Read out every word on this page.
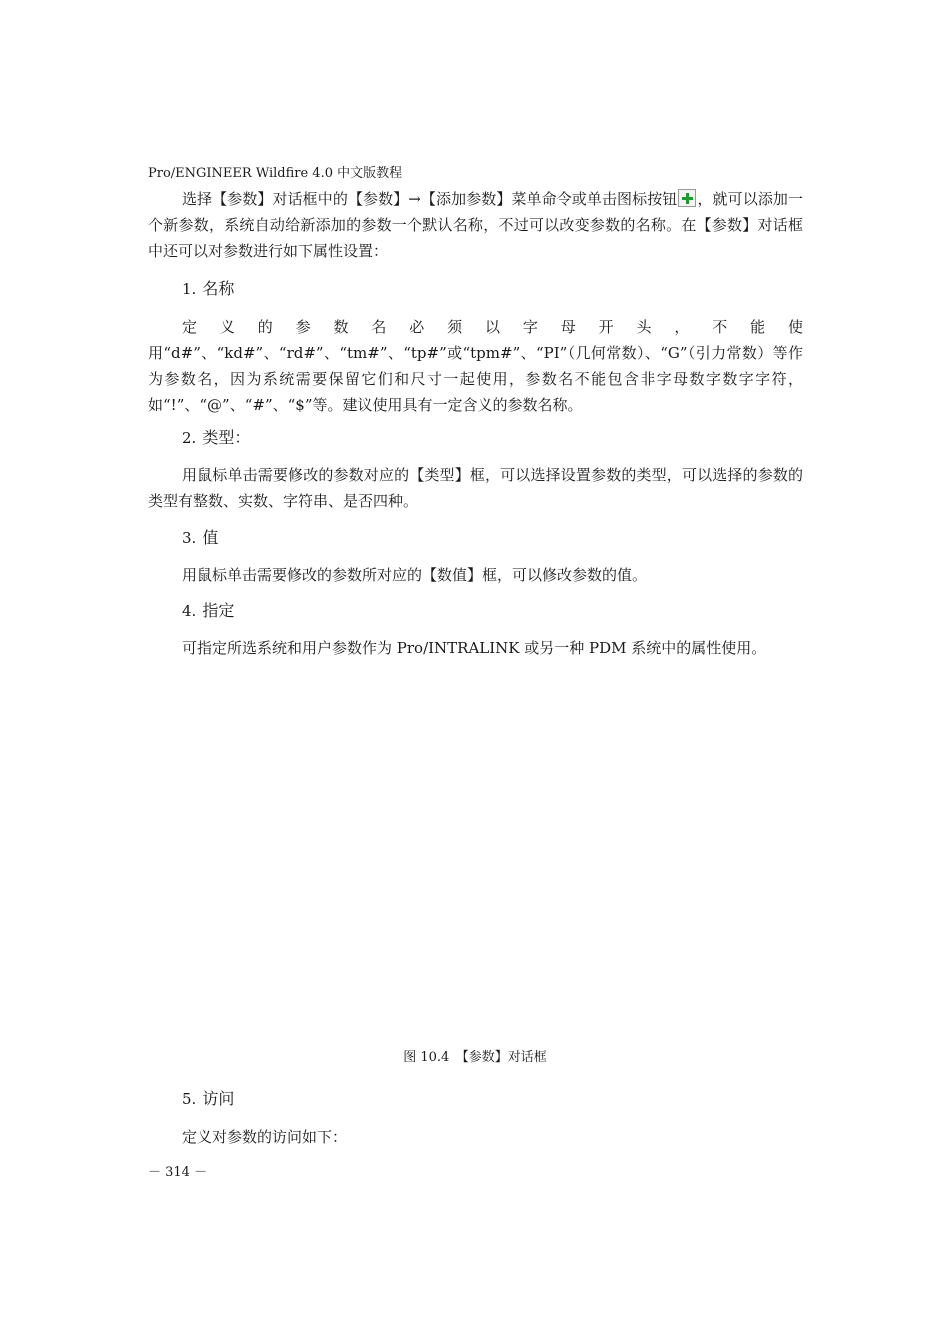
Pro/ENGINEER Wildfire 4.0 中文版教程

选择【参数】对话框中的【参数】→【添加参数】菜单命令或单击图标按钮 ，就可以添加一个新参数，系统自动给新添加的参数一个默认名称，不过可以改变参数的名称。在【参数】对话框中还可以对参数进行如下属性设置：

1. 名称

定义的参数名必须以字母开头，不能使用“d#”、“kd#”、“rd#”、“tm#”、“tp#”或“tpm#”、“PI”（几何常数）、“G”（引力常数）等作为参数名，因为系统需要保留它们和尺寸一起使用，参数名不能包含非字母数字数字字符，如“!”、“@”、“#”、“$”等。建议使用具有一定含义的参数名称。

2. 类型：

用鼠标单击需要修改的参数对应的【类型】框，可以选择设置参数的类型，可以选择的参数的类型有整数、实数、字符串、是否四种。

3. 值

用鼠标单击需要修改的参数所对应的【数值】框，可以修改参数的值。

4. 指定

可指定所选系统和用户参数作为 Pro/INTRALINK 或另一种 PDM 系统中的属性使用。

图 10.4　【参数】对话框
5. 访问

定义对参数的访问如下：

－ 314 －
